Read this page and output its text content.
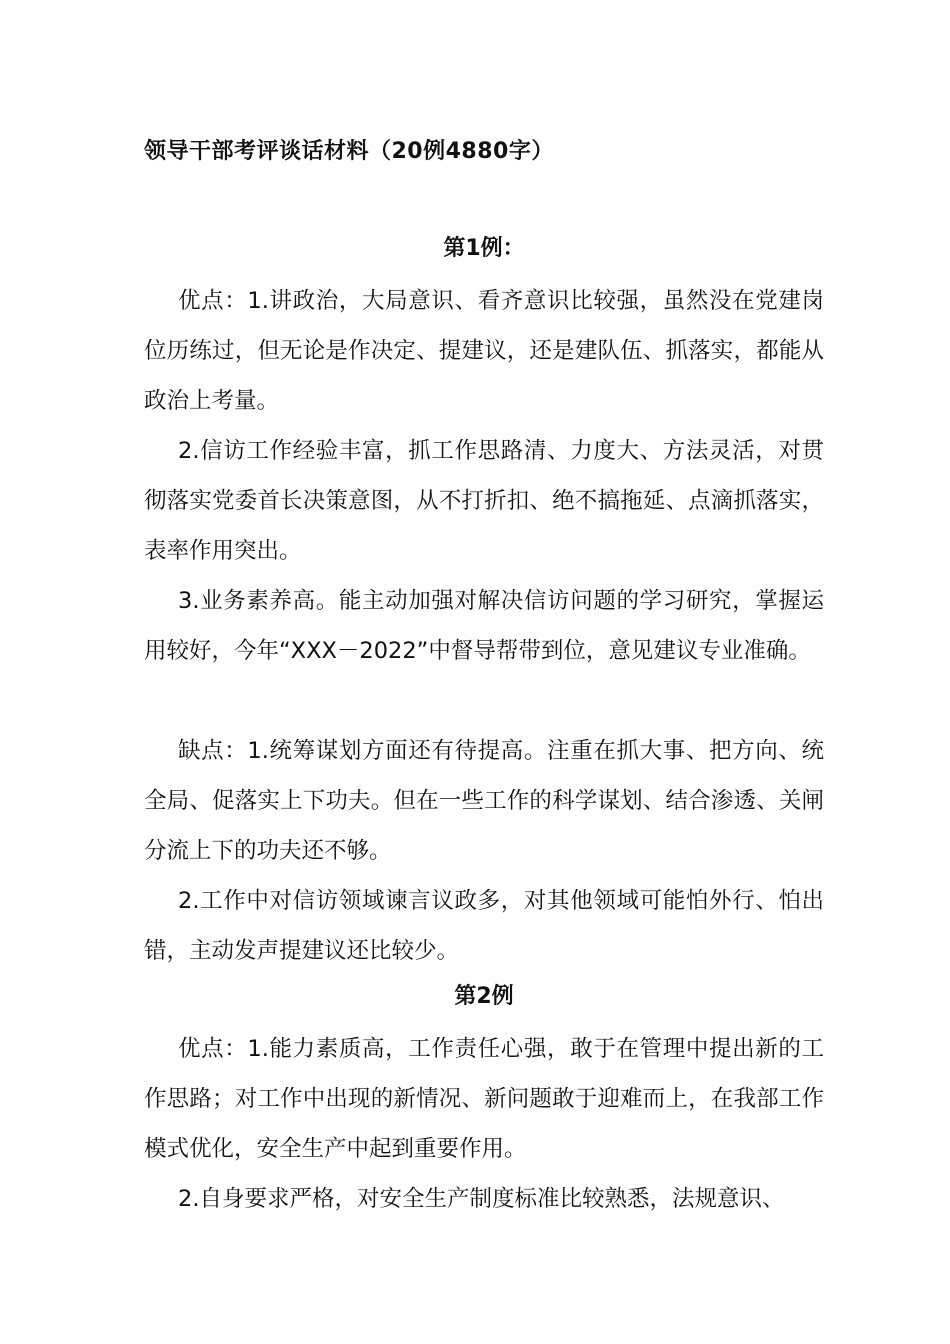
领导干部考评谈话材料（20例4880字）
第1例：

优点：1.讲政治，大局意识、看齐意识比较强，虽然没在党建岗位历练过，但无论是作决定、提建议，还是建队伍、抓落实，都能从政治上考量。

2.信访工作经验丰富，抓工作思路清、力度大、方法灵活，对贯彻落实党委首长决策意图，从不打折扣、绝不搞拖延、点滴抓落实，表率作用突出。

3.业务素养高。能主动加强对解决信访问题的学习研究，掌握运用较好，今年“XXX－2022”中督导帮带到位，意见建议专业准确。

缺点：1.统筹谋划方面还有待提高。注重在抓大事、把方向、统全局、促落实上下功夫。但在一些工作的科学谋划、结合渗透、关闸分流上下的功夫还不够。

2.工作中对信访领域谏言议政多，对其他领域可能怕外行、怕出错，主动发声提建议还比较少。

第2例

优点：1.能力素质高，工作责任心强，敢于在管理中提出新的工作思路；对工作中出现的新情况、新问题敢于迎难而上，在我部工作模式优化，安全生产中起到重要作用。

2.自身要求严格，对安全生产制度标准比较熟悉，法规意识、
